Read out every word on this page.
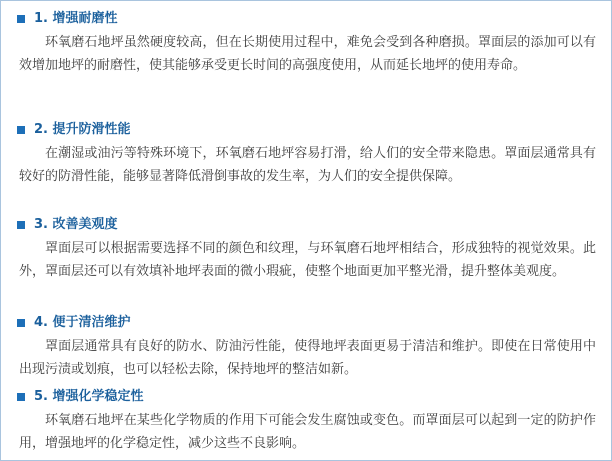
1. 增强耐磨性

环氧磨石地坪虽然硬度较高，但在长期使用过程中，难免会受到各种磨损。罩面层的添加可以有效增加地坪的耐磨性，使其能够承受更长时间的高强度使用，从而延长地坪的使用寿命。

2. 提升防滑性能

在潮湿或油污等特殊环境下，环氧磨石地坪容易打滑，给人们的安全带来隐患。罩面层通常具有较好的防滑性能，能够显著降低滑倒事故的发生率，为人们的安全提供保障。

3. 改善美观度

罩面层可以根据需要选择不同的颜色和纹理，与环氧磨石地坪相结合，形成独特的视觉效果。此外，罩面层还可以有效填补地坪表面的微小瑕疵，使整个地面更加平整光滑，提升整体美观度。

4. 便于清洁维护

罩面层通常具有良好的防水、防油污性能，使得地坪表面更易于清洁和维护。即使在日常使用中出现污渍或划痕，也可以轻松去除，保持地坪的整洁如新。

5. 增强化学稳定性

环氧磨石地坪在某些化学物质的作用下可能会发生腐蚀或变色。而罩面层可以起到一定的防护作用，增强地坪的化学稳定性，减少这些不良影响。
